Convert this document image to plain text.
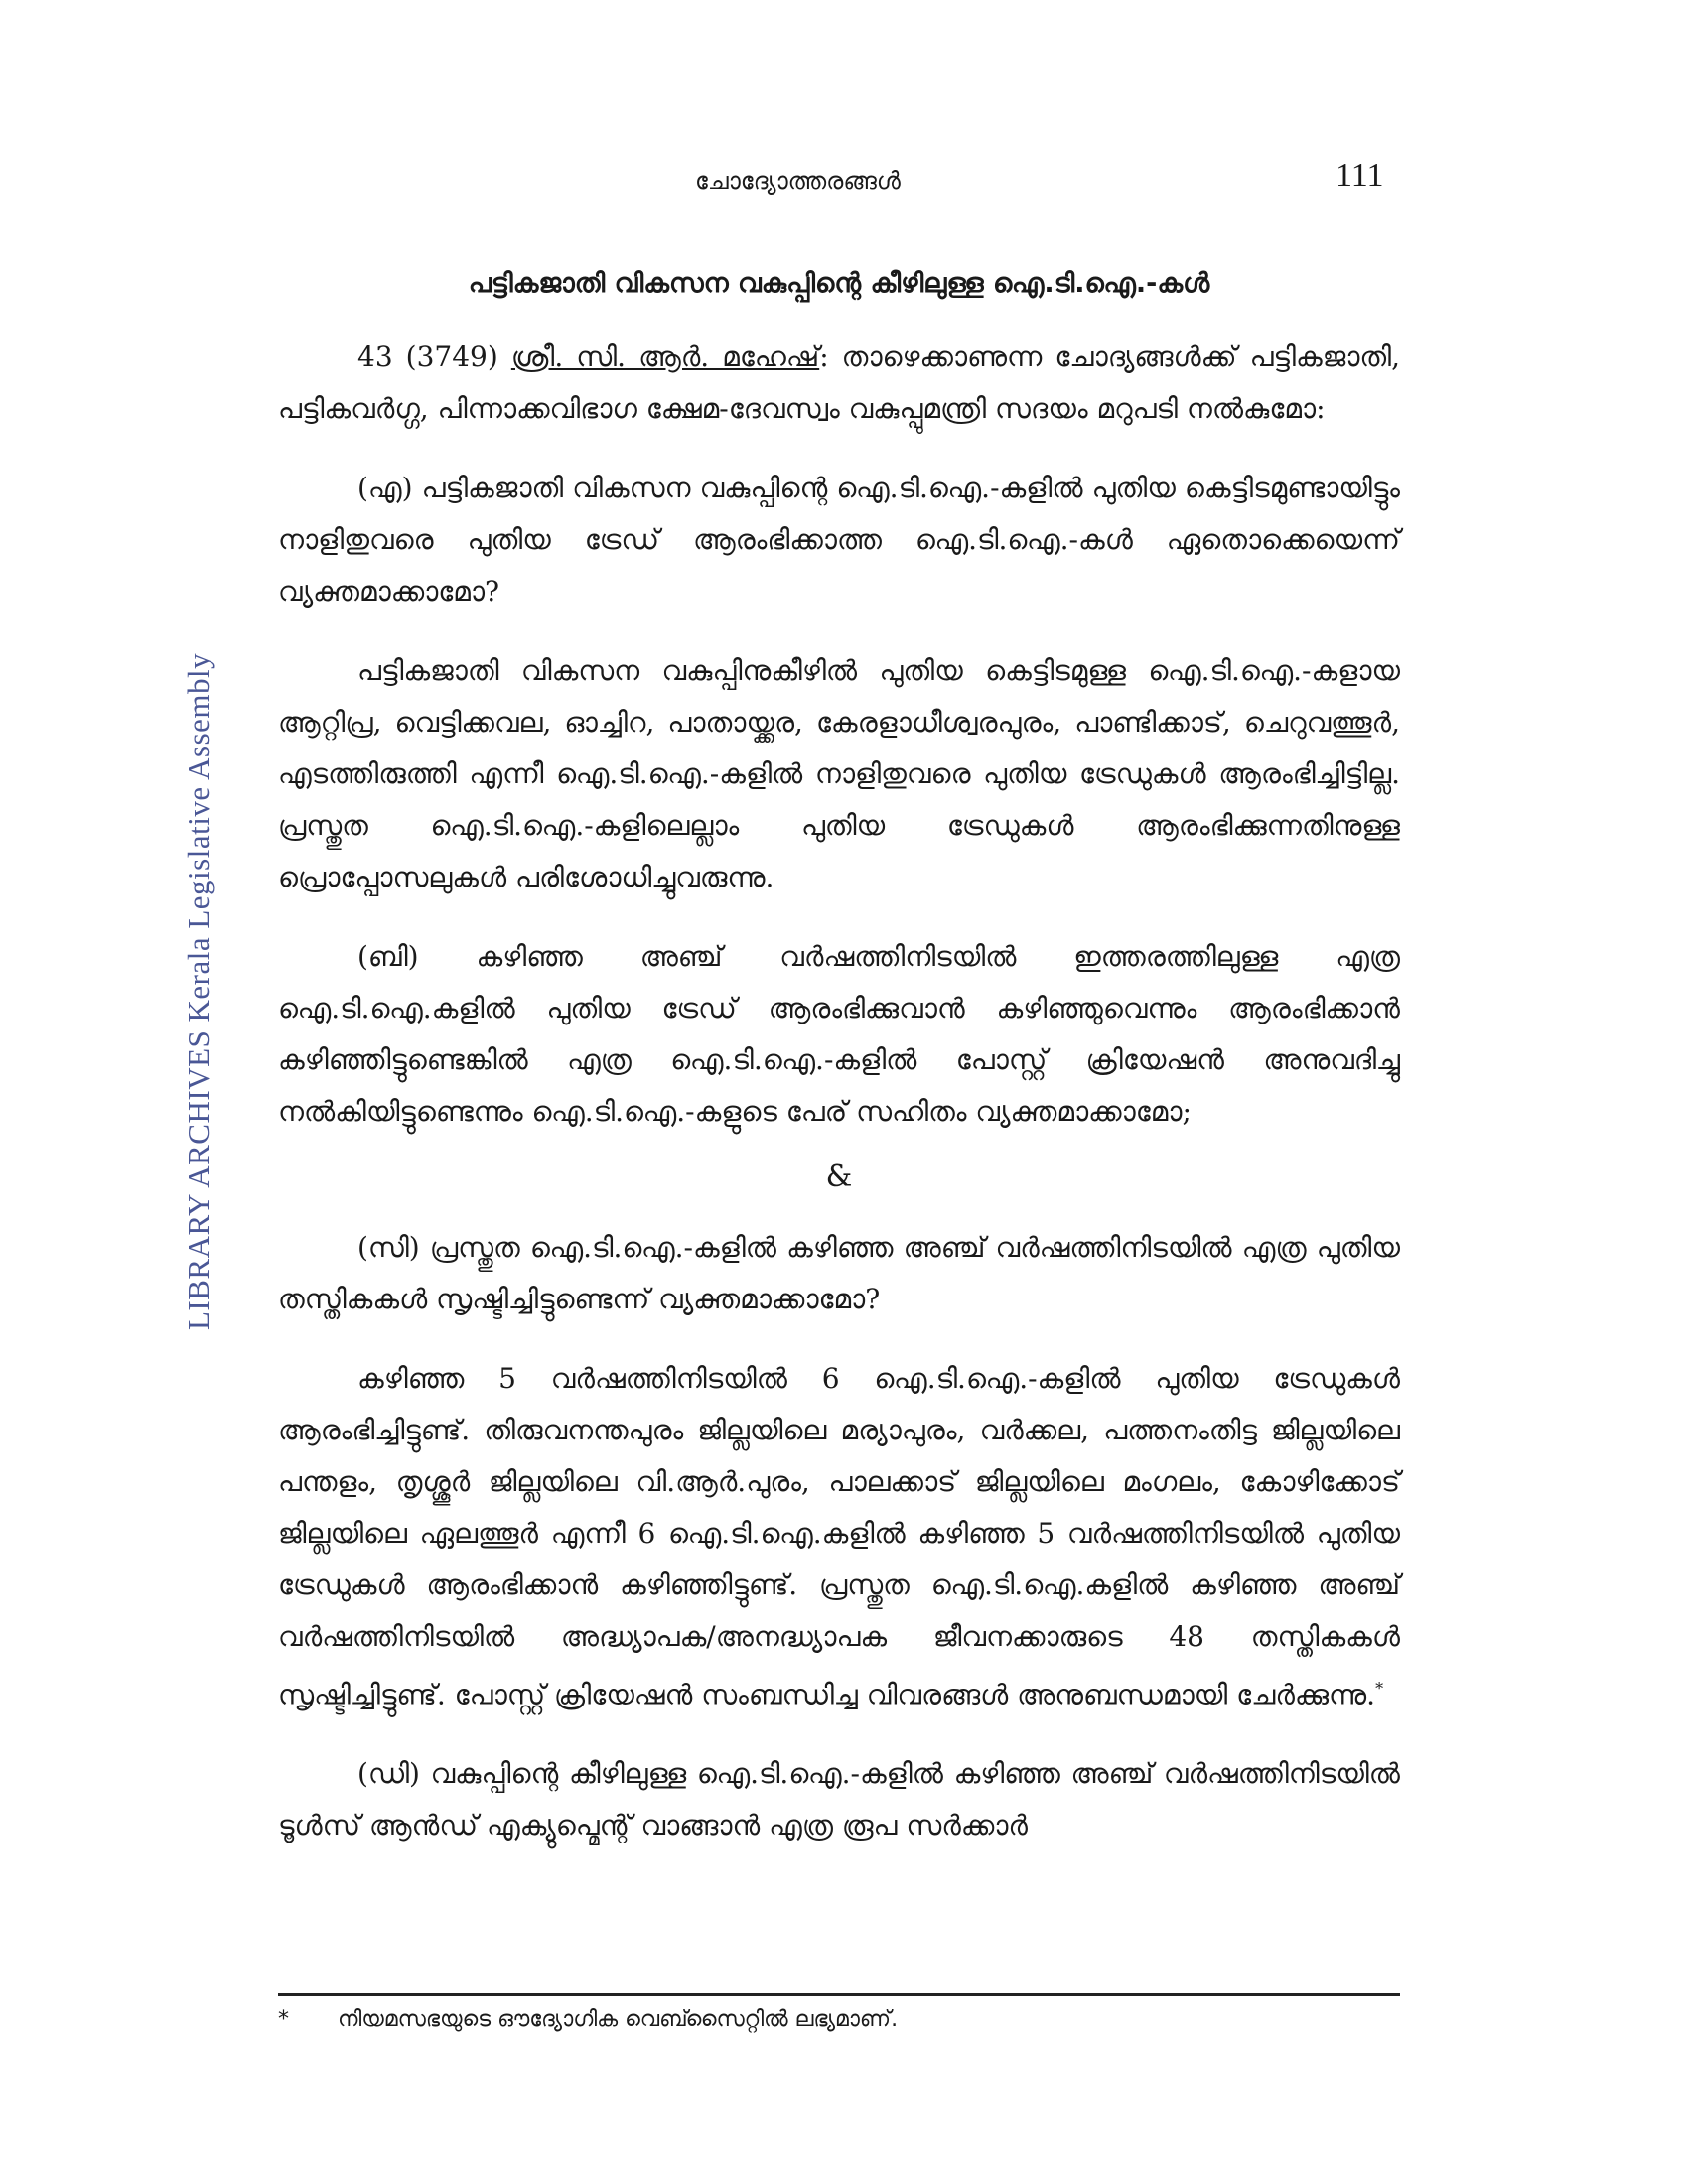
ചോദ്യോത്തരങ്ങൾ	111
LIBRARY ARCHIVES Kerala Legislative Assembly
പട്ടികജാതി വികസന വകുപ്പിന്റെ കീഴിലുള്ള ഐ.ടി.ഐ.-കൾ

43 (3749) ശ്രീ. സി. ആർ. മഹേഷ്: താഴെക്കാണുന്ന ചോദ്യങ്ങൾക്ക് പട്ടികജാതി, പട്ടികവർഗ്ഗ, പിന്നാക്കവിഭാഗ ക്ഷേമ-ദേവസ്വം വകുപ്പുമന്ത്രി സദയം മറുപടി നൽകുമോ:

(എ) പട്ടികജാതി വികസന വകുപ്പിന്റെ ഐ.ടി.ഐ.-കളിൽ പുതിയ കെട്ടിടമുണ്ടായിട്ടും നാളിതുവരെ പുതിയ ട്രേഡ് ആരംഭിക്കാത്ത ഐ.ടി.ഐ.-കൾ ഏതൊക്കെയെന്ന് വ്യക്തമാക്കാമോ?

പട്ടികജാതി വികസന വകുപ്പിനുകീഴിൽ പുതിയ കെട്ടിടമുള്ള ഐ.ടി.ഐ.-കളായ ആറ്റിപ്ര, വെട്ടിക്കവല, ഓച്ചിറ, പാതായ്ക്കര, കേരളാധീശ്വരപുരം, പാണ്ടിക്കാട്, ചെറുവത്തൂർ, എടത്തിരുത്തി എന്നീ ഐ.ടി.ഐ.-കളിൽ നാളിതുവരെ പുതിയ ട്രേഡുകൾ ആരംഭിച്ചിട്ടില്ല. പ്രസ്തുത ഐ.ടി.ഐ.-കളിലെല്ലാം പുതിയ ട്രേഡുകൾ ആരംഭിക്കുന്നതിനുള്ള പ്രൊപ്പോസലുകൾ പരിശോധിച്ചുവരുന്നു.

(ബി) കഴിഞ്ഞ അഞ്ച് വർഷത്തിനിടയിൽ ഇത്തരത്തിലുള്ള എത്ര ഐ.ടി.ഐ.കളിൽ പുതിയ ട്രേഡ് ആരംഭിക്കുവാൻ കഴിഞ്ഞുവെന്നും ആരംഭിക്കാൻ കഴിഞ്ഞിട്ടുണ്ടെങ്കിൽ എത്ര ഐ.ടി.ഐ.-കളിൽ പോസ്റ്റ് ക്രിയേഷൻ അനുവദിച്ചു നൽകിയിട്ടുണ്ടെന്നും ഐ.ടി.ഐ.-കളുടെ പേര് സഹിതം വ്യക്തമാക്കാമോ;

&

(സി) പ്രസ്തുത ഐ.ടി.ഐ.-കളിൽ കഴിഞ്ഞ അഞ്ച് വർഷത്തിനിടയിൽ എത്ര പുതിയ തസ്തികകൾ സൃഷ്ടിച്ചിട്ടുണ്ടെന്ന് വ്യക്തമാക്കാമോ?

കഴിഞ്ഞ 5 വർഷത്തിനിടയിൽ 6 ഐ.ടി.ഐ.-കളിൽ പുതിയ ട്രേഡുകൾ ആരംഭിച്ചിട്ടുണ്ട്. തിരുവനന്തപുരം ജില്ലയിലെ മര്യാപുരം, വർക്കല, പത്തനംതിട്ട ജില്ലയിലെ പന്തളം, തൃശ്ശൂർ ജില്ലയിലെ വി.ആർ.പുരം, പാലക്കാട് ജില്ലയിലെ മംഗലം, കോഴിക്കോട് ജില്ലയിലെ ഏലത്തൂർ എന്നീ 6 ഐ.ടി.ഐ.കളിൽ കഴിഞ്ഞ 5 വർഷത്തിനിടയിൽ പുതിയ ട്രേഡുകൾ ആരംഭിക്കാൻ കഴിഞ്ഞിട്ടുണ്ട്. പ്രസ്തുത ഐ.ടി.ഐ.കളിൽ കഴിഞ്ഞ അഞ്ച് വർഷത്തിനിടയിൽ അദ്ധ്യാപക/അനദ്ധ്യാപക ജീവനക്കാരുടെ 48 തസ്തികകൾ സൃഷ്ടിച്ചിട്ടുണ്ട്. പോസ്റ്റ് ക്രിയേഷൻ സംബന്ധിച്ച വിവരങ്ങൾ അനുബന്ധമായി ചേർക്കുന്നു.*

(ഡി) വകുപ്പിന്റെ കീഴിലുള്ള ഐ.ടി.ഐ.-കളിൽ കഴിഞ്ഞ അഞ്ച് വർഷത്തിനിടയിൽ ടൂൾസ് ആൻഡ് എക്യുപ്മെന്റ് വാങ്ങാൻ എത്ര രൂപ സർക്കാർ

* നിയമസഭയുടെ ഔദ്യോഗിക വെബ്സൈറ്റിൽ ലഭ്യമാണ്.
